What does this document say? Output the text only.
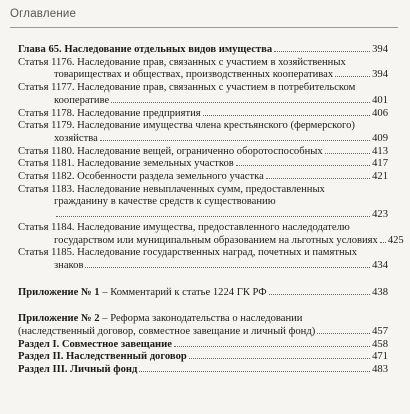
Оглавление
Глава 65. Наследование отдельных видов имущества	394
Статья 1176. Наследование прав, связанных с участием в хозяйственных
товариществах и обществах, производственных кооперативах	394
Статья 1177. Наследование прав, связанных с участием в потребительском
кооперативе	401
Статья 1178. Наследование предприятия	406
Статья 1179. Наследование имущества члена крестьянского (фермерского)
хозяйства	409
Статья 1180. Наследование вещей, ограниченно оборотоспособных	413
Статья 1181. Наследование земельных участков	417
Статья 1182. Особенности раздела земельного участка	421
Статья 1183. Наследование невыплаченных сумм, предоставленных
гражданину в качестве средств к существованию
423
Статья 1184. Наследование имущества, предоставленного наследодателю
государством или муниципальным образованием на льготных условиях 425
Статья 1185. Наследование государственных наград, почетных и памятных
знаков	434
Приложение № 1 – Комментарий к статье 1224 ГК РФ	438
Приложение № 2 – Реформа законодательства о наследовании
(наследственный договор, совместное завещание и личный фонд)	457
Раздел I. Совместное завещание	458
Раздел II. Наследственный договор	471
Раздел III. Личный фонд	483
